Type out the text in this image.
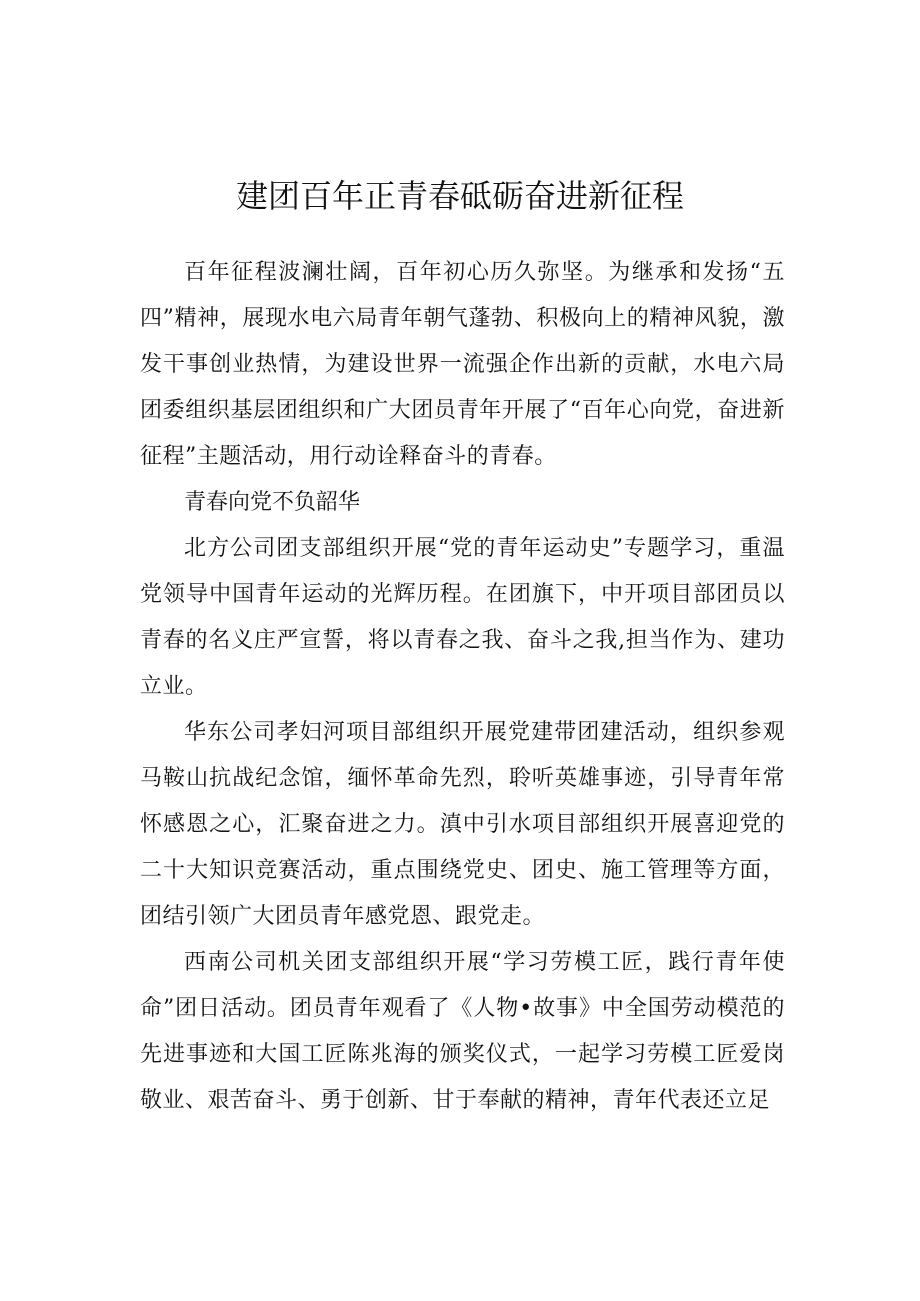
建团百年正青春砥砺奋进新征程

百年征程波澜壮阔，百年初心历久弥坚。为继承和发扬“五四”精神，展现水电六局青年朝气蓬勃、积极向上的精神风貌，激发干事创业热情，为建设世界一流强企作出新的贡献，水电六局团委组织基层团组织和广大团员青年开展了“百年心向党，奋进新征程”主题活动，用行动诠释奋斗的青春。

青春向党不负韶华

北方公司团支部组织开展“党的青年运动史”专题学习，重温党领导中国青年运动的光辉历程。在团旗下，中开项目部团员以青春的名义庄严宣誓，将以青春之我、奋斗之我,担当作为、建功立业。

华东公司孝妇河项目部组织开展党建带团建活动，组织参观马鞍山抗战纪念馆，缅怀革命先烈，聆听英雄事迹，引导青年常怀感恩之心，汇聚奋进之力。滇中引水项目部组织开展喜迎党的二十大知识竞赛活动，重点围绕党史、团史、施工管理等方面，团结引领广大团员青年感党恩、跟党走。

西南公司机关团支部组织开展“学习劳模工匠，践行青年使命”团日活动。团员青年观看了《人物•故事》中全国劳动模范的先进事迹和大国工匠陈兆海的颁奖仪式，一起学习劳模工匠爱岗敬业、艰苦奋斗、勇于创新、甘于奉献的精神，青年代表还立足
